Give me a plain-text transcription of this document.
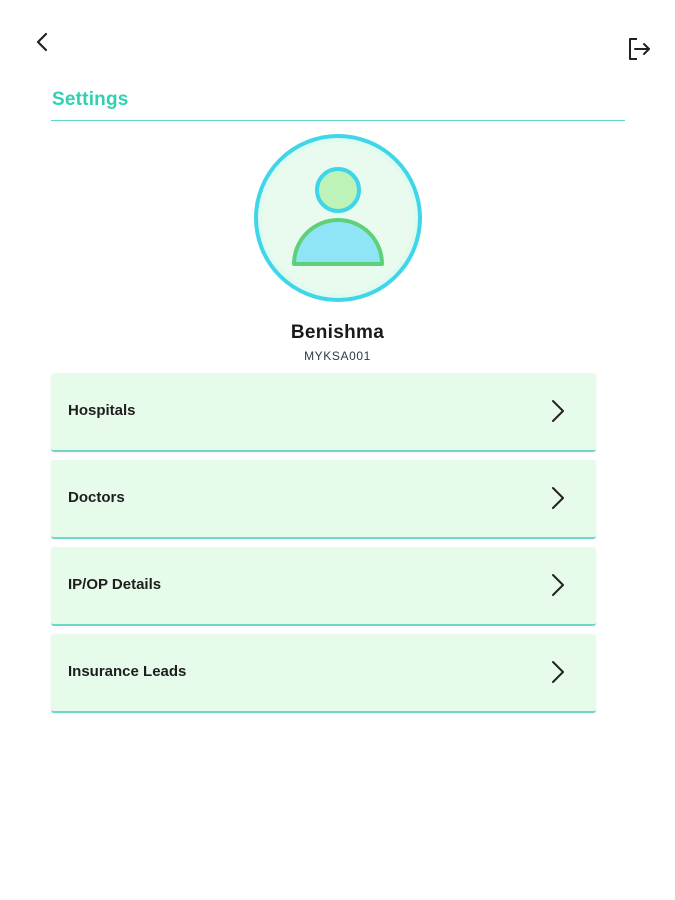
Settings
Benishma
MYKSA001
Hospitals
Doctors
IP/OP Details
Insurance Leads
